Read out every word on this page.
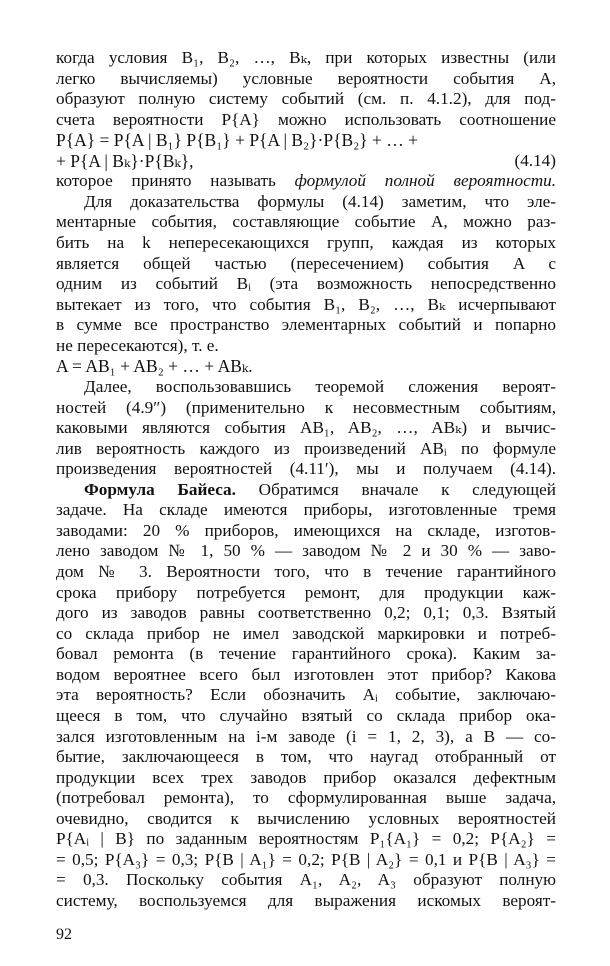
когда условия B₁, B₂, …, Bₖ, при которых известны (или
легко вычисляемы) условные вероятности события A,
образуют полную систему событий (см. п. 4.1.2), для под-
счета вероятности P{A} можно использовать соотношение
P{A} = P{A | B₁} P{B₁} + P{A | B₂}·P{B₂} + … +
+ P{A | Bₖ}·P{Bₖ},	(4.14)
которое принято называть формулой полной вероятности.
Для доказательства формулы (4.14) заметим, что эле-
ментарные события, составляющие событие A, можно раз-
бить на k непересекающихся групп, каждая из которых
является общей частью (пересечением) события A с
одним из событий Bᵢ (эта возможность непосредственно
вытекает из того, что события B₁, B₂, …, Bₖ исчерпывают
в сумме все пространство элементарных событий и попарно
не пересекаются), т. е.
A = AB₁ + AB₂ + … + ABₖ.
Далее, воспользовавшись теоремой сложения вероят-
ностей (4.9″) (применительно к несовместным событиям,
каковыми являются события AB₁, AB₂, …, ABₖ) и вычис-
лив вероятность каждого из произведений ABᵢ по формуле
произведения вероятностей (4.11′), мы и получаем (4.14).
Формула Байеса. Обратимся вначале к следующей
задаче. На складе имеются приборы, изготовленные тремя
заводами: 20 % приборов, имеющихся на складе, изготов-
лено заводом № 1, 50 % — заводом № 2 и 30 % — заво-
дом № 3. Вероятности того, что в течение гарантийного
срока прибору потребуется ремонт, для продукции каж-
дого из заводов равны соответственно 0,2; 0,1; 0,3. Взятый
со склада прибор не имел заводской маркировки и потреб-
бовал ремонта (в течение гарантийного срока). Каким за-
водом вероятнее всего был изготовлен этот прибор? Какова
эта вероятность? Если обозначить Aᵢ событие, заключаю-
щееся в том, что случайно взятый со склада прибор ока-
зался изготовленным на i-м заводе (i = 1, 2, 3), а B — со-
бытие, заключающееся в том, что наугад отобранный от
продукции всех трех заводов прибор оказался дефектным
(потребовал ремонта), то сформулированная выше задача,
очевидно, сводится к вычислению условных вероятностей
P{Aᵢ | B} по заданным вероятностям P₁{A₁} = 0,2; P{A₂} =
92
= 0,5; P{A₃} = 0,3; P{B | A₁} = 0,2; P{B | A₂} = 0,1 и P{B | A₃} =
= 0,3. Поскольку события A₁, A₂, A₃ образуют полную
систему, воспользуемся для выражения искомых вероят-
